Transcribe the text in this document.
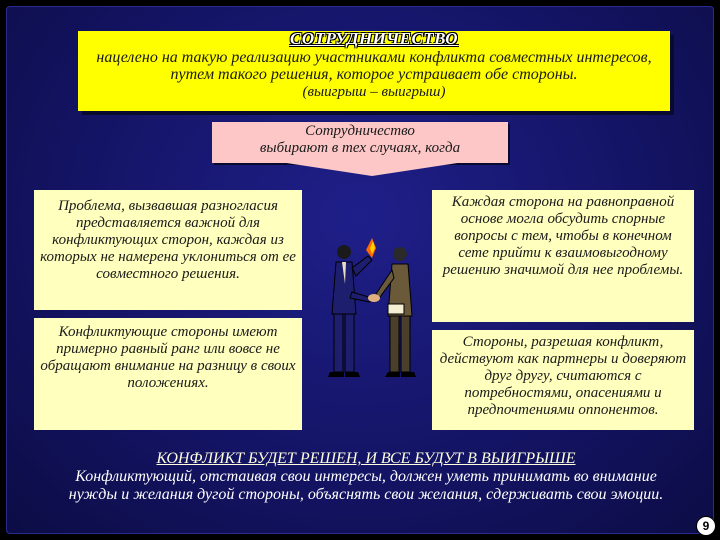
СОТРУДНИЧЕСТВО
нацелено на такую реализацию участниками конфликта совместных интересов, путем такого решения, которое устраивает обе стороны.
(выигрыш – выигрыш)
Сотрудничество
выбирают в тех случаях, когда
Проблема, вызвавшая разногласия представляется важной для конфликтующих сторон, каждая из которых не намерена уклониться от ее совместного решения.
Конфликтующие стороны имеют примерно равный ранг или вовсе не обращают внимание на разницу в своих положениях.
Каждая сторона на равноправной основе могла обсудить спорные вопросы с тем, чтобы в конечном сете прийти к взаимовыгодному решению значимой для нее проблемы.
Стороны, разрешая конфликт, действуют как партнеры и доверяют друг другу, считаются с потребностями, опасениями и предпочтениями оппонентов.
КОНФЛИКТ БУДЕТ РЕШЕН, И ВСЕ БУДУТ В ВЫИГРЫШЕ
Конфликтующий, отстаивая свои интересы, должен уметь принимать во внимание нужды и желания дугой стороны, объяснять свои желания, сдерживать свои эмоции.
9
